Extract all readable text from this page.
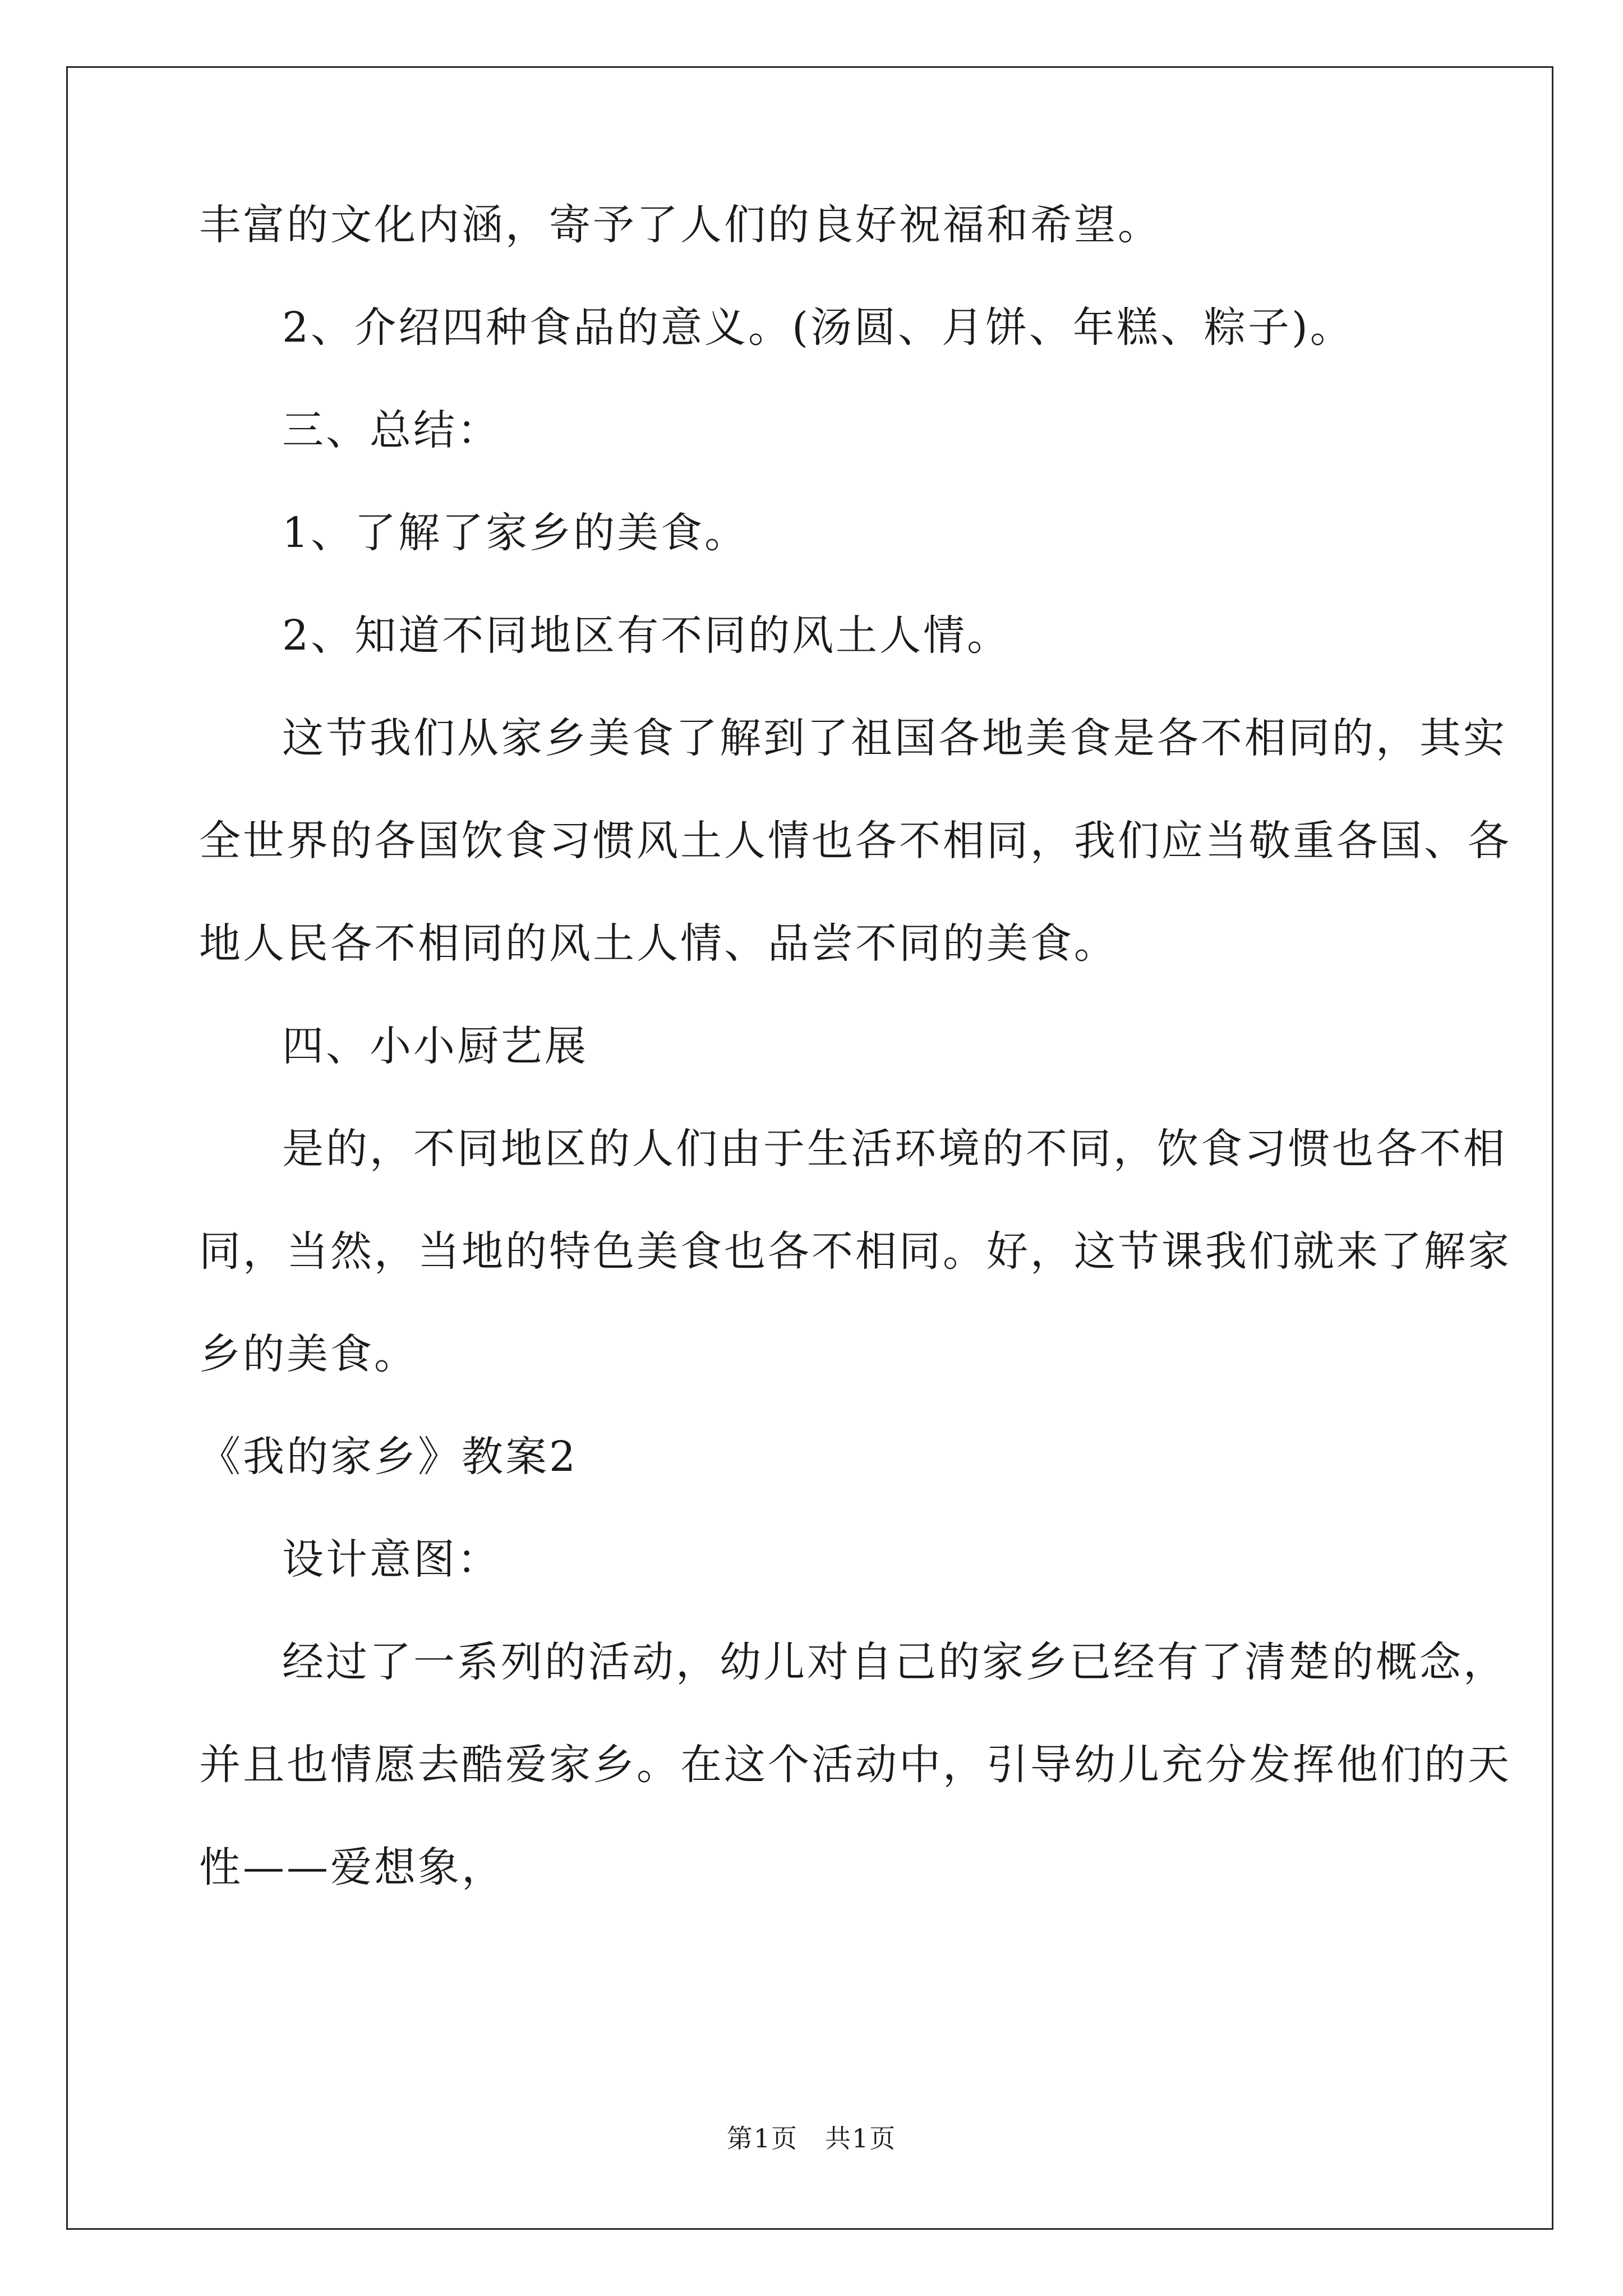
丰富的文化内涵，寄予了人们的良好祝福和希望。
2、介绍四种食品的意义。(汤圆、月饼、年糕、粽子)。
三、总结：
1、了解了家乡的美食。
2、知道不同地区有不同的风土人情。
这节我们从家乡美食了解到了祖国各地美食是各不相同的，其实
全世界的各国饮食习惯风土人情也各不相同，我们应当敬重各国、各
地人民各不相同的风土人情、品尝不同的美食。
四、小小厨艺展
是的，不同地区的人们由于生活环境的不同，饮食习惯也各不相
同，当然，当地的特色美食也各不相同。好，这节课我们就来了解家
乡的美食。
《我的家乡》教案2
设计意图：
经过了一系列的活动，幼儿对自己的家乡已经有了清楚的概念，
并且也情愿去酷爱家乡。在这个活动中，引导幼儿充分发挥他们的天
性——爱想象，
第1页　共1页
